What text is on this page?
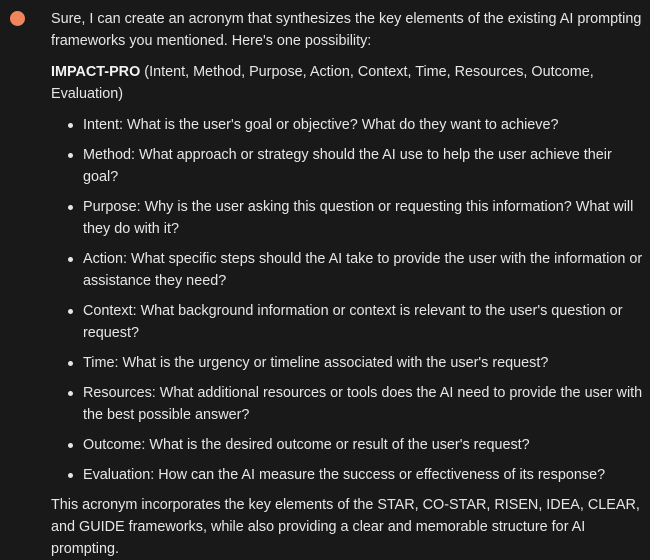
Sure, I can create an acronym that synthesizes the key elements of the existing AI prompting frameworks you mentioned. Here's one possibility:

IMPACT-PRO (Intent, Method, Purpose, Action, Context, Time, Resources, Outcome, Evaluation)

Intent: What is the user's goal or objective? What do they want to achieve?
Method: What approach or strategy should the AI use to help the user achieve their goal?
Purpose: Why is the user asking this question or requesting this information? What will they do with it?
Action: What specific steps should the AI take to provide the user with the information or assistance they need?
Context: What background information or context is relevant to the user's question or request?
Time: What is the urgency or timeline associated with the user's request?
Resources: What additional resources or tools does the AI need to provide the user with the best possible answer?
Outcome: What is the desired outcome or result of the user's request?
Evaluation: How can the AI measure the success or effectiveness of its response?

This acronym incorporates the key elements of the STAR, CO-STAR, RISEN, IDEA, CLEAR, and GUIDE frameworks, while also providing a clear and memorable structure for AI prompting.
